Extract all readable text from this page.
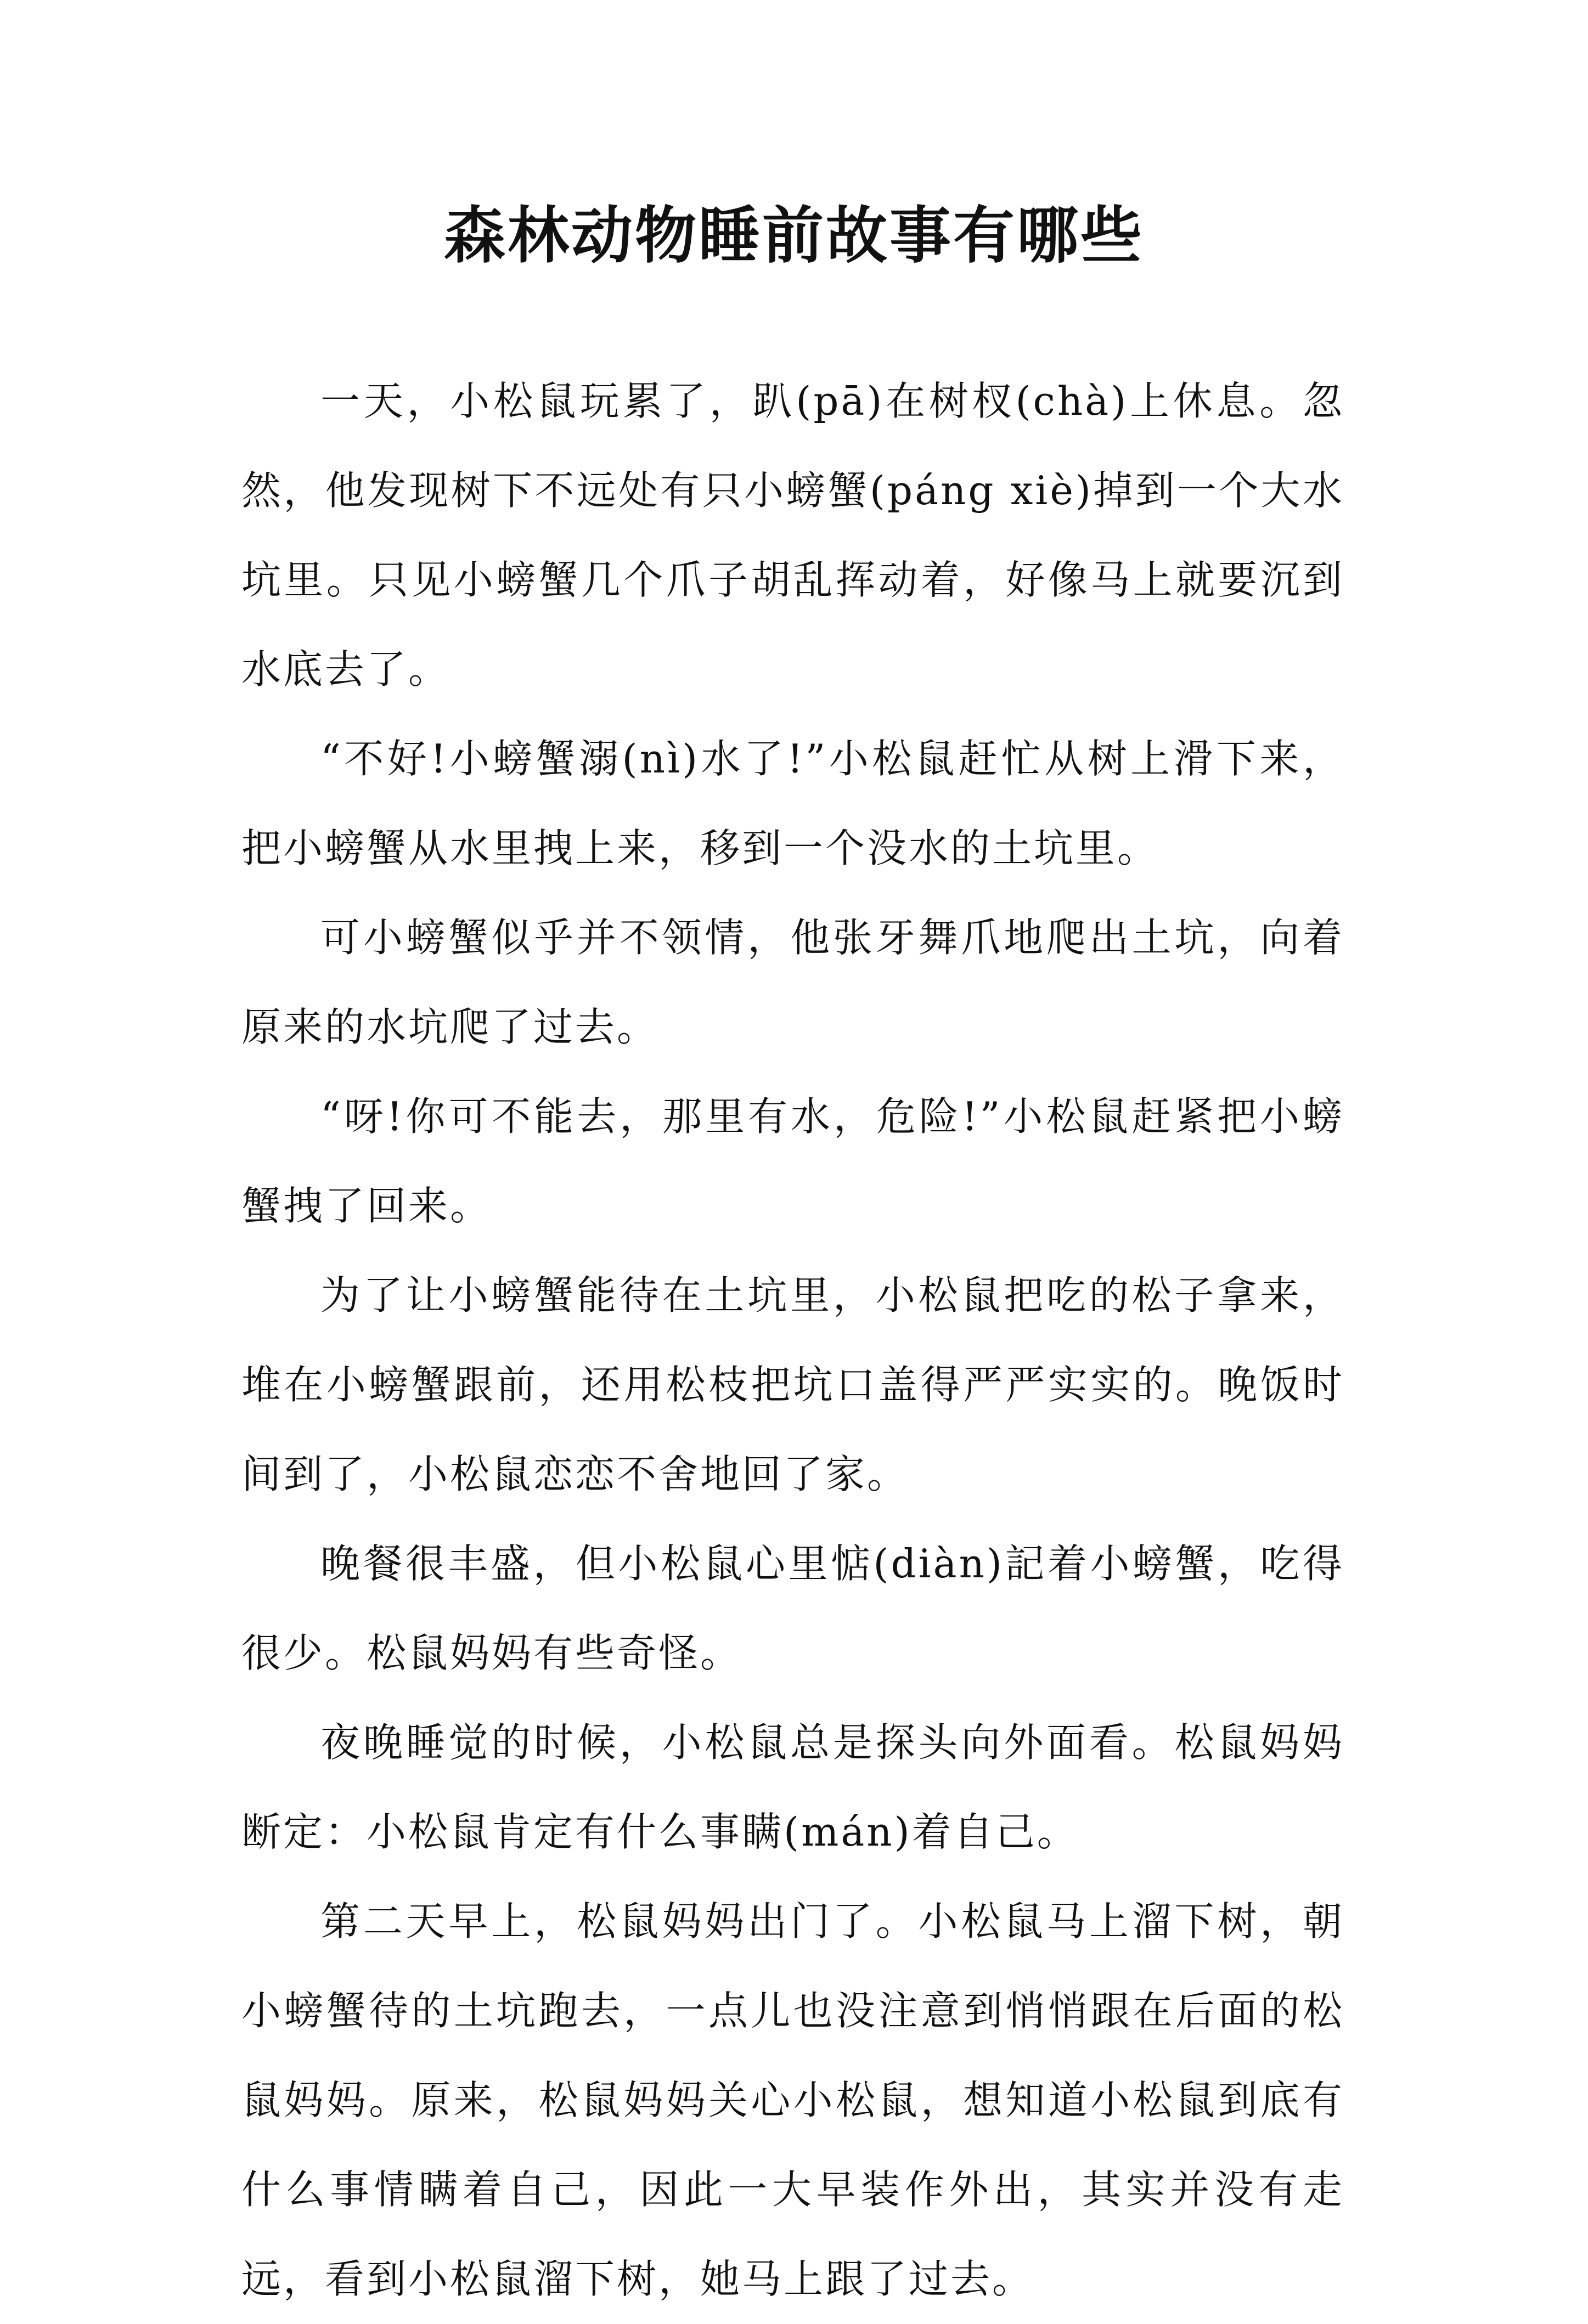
森林动物睡前故事有哪些

一天，小松鼠玩累了，趴(pā)在树杈(chà)上休息。忽然，他发现树下不远处有只小螃蟹(páng xiè)掉到一个大水坑里。只见小螃蟹几个爪子胡乱挥动着，好像马上就要沉到水底去了。

“不好!小螃蟹溺(nì)水了!”小松鼠赶忙从树上滑下来，把小螃蟹从水里拽上来，移到一个没水的土坑里。

可小螃蟹似乎并不领情，他张牙舞爪地爬出土坑，向着原来的水坑爬了过去。

“呀!你可不能去，那里有水，危险!”小松鼠赶紧把小螃蟹拽了回来。

为了让小螃蟹能待在土坑里，小松鼠把吃的松子拿来，堆在小螃蟹跟前，还用松枝把坑口盖得严严实实的。晚饭时间到了，小松鼠恋恋不舍地回了家。

晚餐很丰盛，但小松鼠心里惦(diàn)記着小螃蟹，吃得很少。松鼠妈妈有些奇怪。

夜晚睡觉的时候，小松鼠总是探头向外面看。松鼠妈妈断定：小松鼠肯定有什么事瞒(mán)着自己。

第二天早上，松鼠妈妈出门了。小松鼠马上溜下树，朝小螃蟹待的土坑跑去，一点儿也没注意到悄悄跟在后面的松鼠妈妈。原来，松鼠妈妈关心小松鼠，想知道小松鼠到底有什么事情瞒着自己，因此一大早装作外出，其实并没有走远，看到小松鼠溜下树，她马上跟了过去。
